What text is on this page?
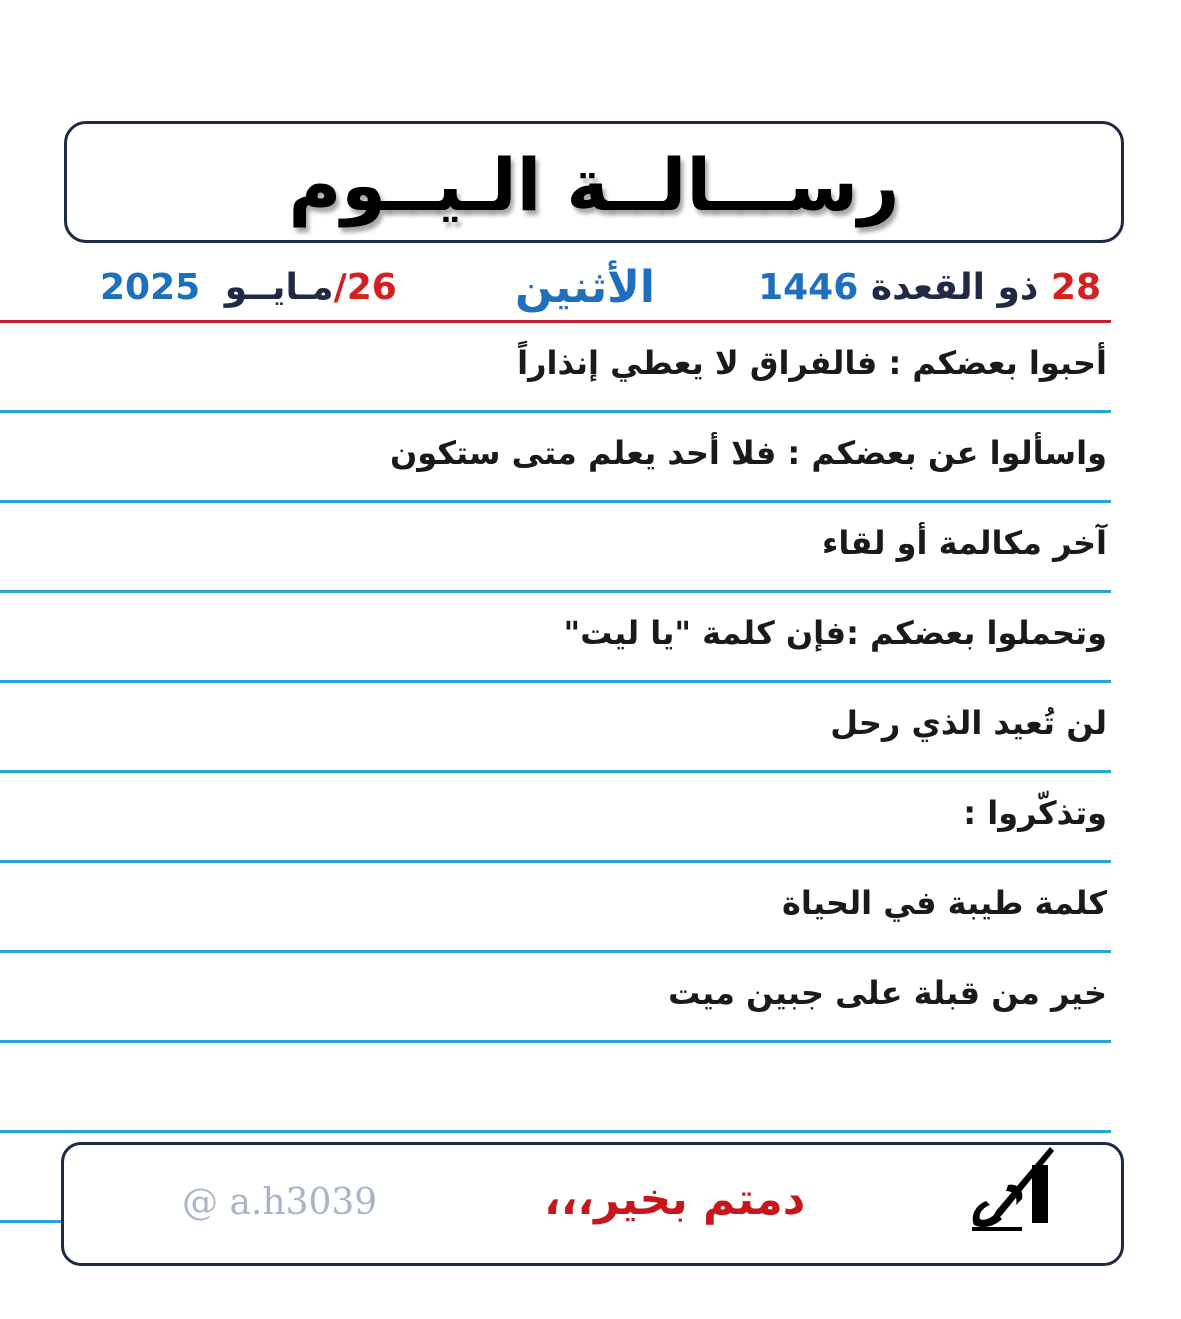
رســـالــة الـيــوم
28 ذو القعدة 1446
الأثنين
2025 مـايــو/26
أحبوا بعضكم : فالفراق لا يعطي إنذاراً
واسألوا عن بعضكم : فلا أحد يعلم متى ستكون
آخر مكالمة أو لقاء
وتحملوا بعضكم :فإن كلمة "يا ليت"
لن تُعيد الذي رحل
وتذكّروا :
كلمة طيبة في الحياة
خير من قبلة على جبين ميت
@ a.h3039	دمتم بخير،،،
